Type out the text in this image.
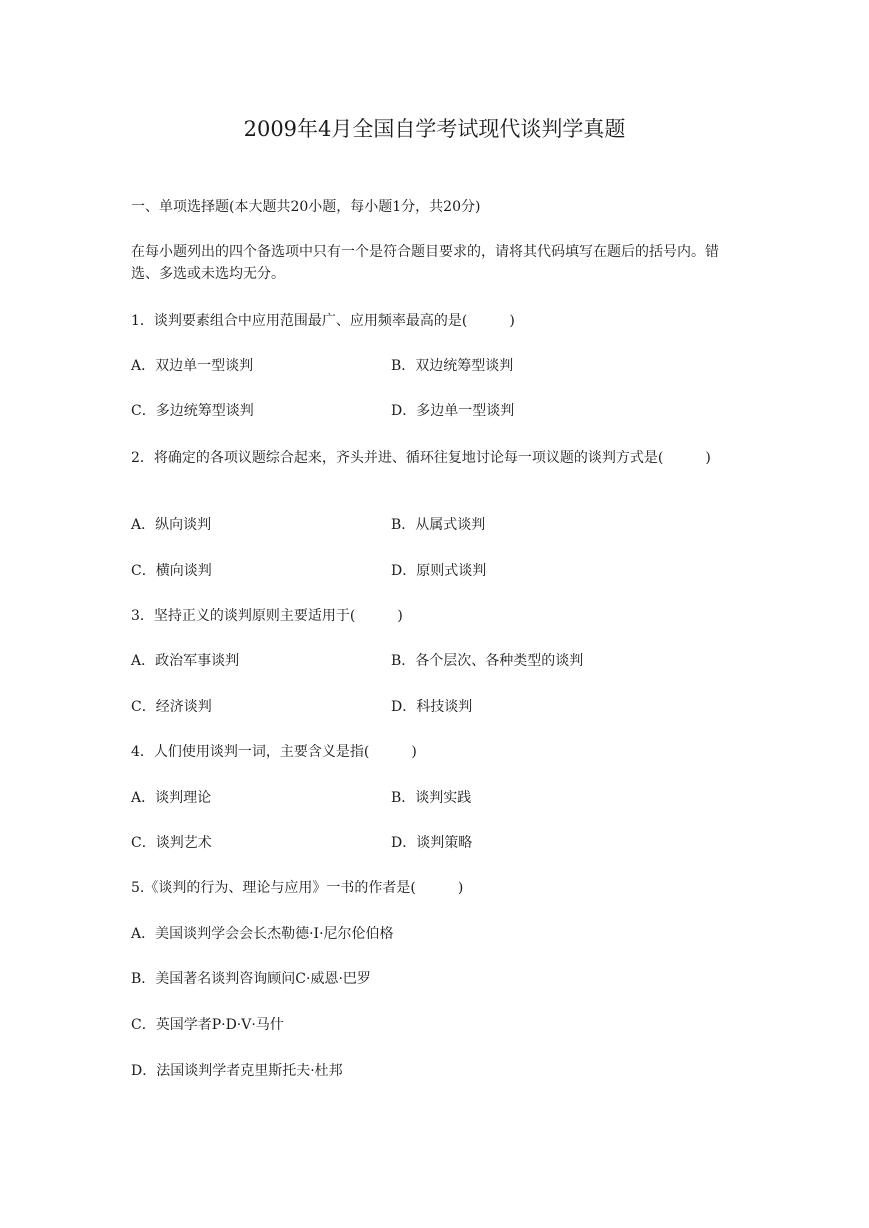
2009年4月全国自学考试现代谈判学真题
一、单项选择题(本大题共20小题，每小题1分，共20分)
在每小题列出的四个备选项中只有一个是符合题目要求的，请将其代码填写在题后的括号内。错选、多选或未选均无分。
1．谈判要素组合中应用范围最广、应用频率最高的是(　　　)
A．双边单一型谈判	B．双边统筹型谈判
C．多边统筹型谈判	D．多边单一型谈判
2．将确定的各项议题综合起来，齐头并进、循环往复地讨论每一项议题的谈判方式是(　　　)
A．纵向谈判	B．从属式谈判
C．横向谈判	D．原则式谈判
3．坚持正义的谈判原则主要适用于(　　　)
A．政治军事谈判	B．各个层次、各种类型的谈判
C．经济谈判	D．科技谈判
4．人们使用谈判一词，主要含义是指(　　　)
A．谈判理论	B．谈判实践
C．谈判艺术	D．谈判策略
5.《谈判的行为、理论与应用》一书的作者是(　　　)
A．美国谈判学会会长杰勒德·I·尼尔伦伯格
B．美国著名谈判咨询顾问C·威恩·巴罗
C．英国学者P·D·V·马什
D．法国谈判学者克里斯托夫·杜邦
